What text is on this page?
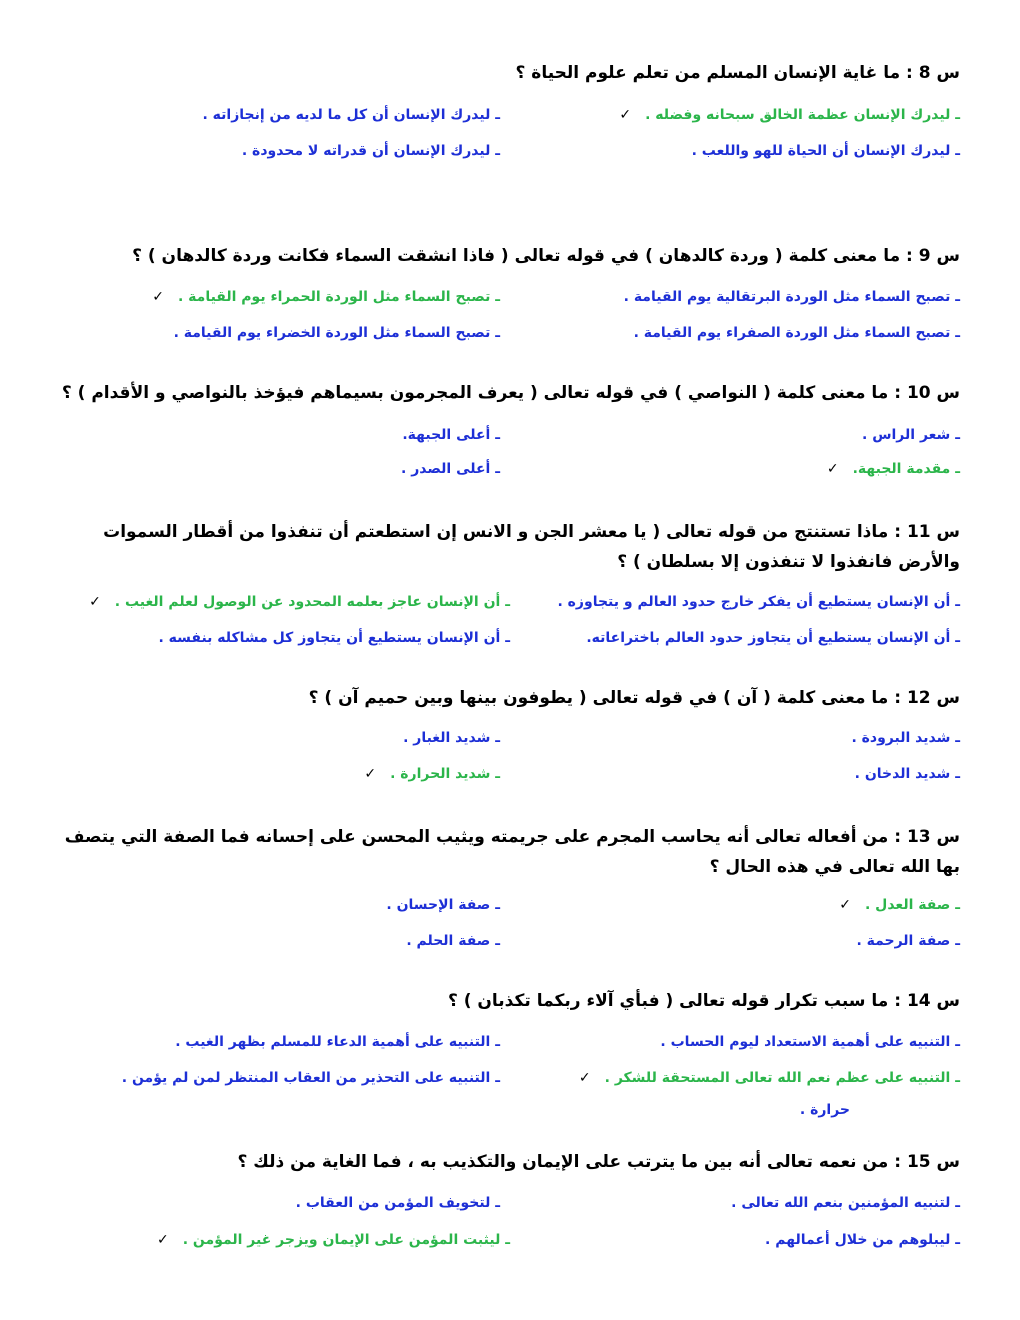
س 8 : ما غاية الإنسان المسلم من تعلم علوم الحياة ؟
ـ ليدرك الإنسان عظمة الخالق سبحانه وفضله .✓
ـ ليدرك الإنسان أن كل ما لديه من إنجازاته .
ـ ليدرك الإنسان أن الحياة للهو واللعب .
ـ ليدرك الإنسان أن قدراته لا محدودة .
س 9 : ما معنى كلمة ( وردة كالدهان ) في قوله تعالى ( فاذا انشقت السماء فكانت وردة كالدهان ) ؟
ـ تصبح السماء مثل الوردة البرتقالية يوم القيامة .
ـ تصبح السماء مثل الوردة الحمراء يوم القيامة .✓
ـ تصبح السماء مثل الوردة الصفراء يوم القيامة .
ـ تصبح السماء مثل الوردة الخضراء يوم القيامة .
س 10 : ما معنى كلمة ( النواصي ) في قوله تعالى ( يعرف المجرمون بسيماهم فيؤخذ بالنواصي و الأقدام ) ؟
ـ شعر الراس .
ـ أعلى الجبهة.
ـ مقدمة الجبهة.✓
ـ أعلى الصدر .
س 11 : ماذا تستنتج من قوله تعالى ( يا معشر الجن و الانس إن استطعتم أن تنفذوا من أقطار السموات والأرض فانفذوا لا تنفذون إلا بسلطان ) ؟
ـ أن الإنسان يستطيع أن يفكر خارج حدود العالم و يتجاوزه .
ـ أن الإنسان عاجز بعلمه المحدود عن الوصول لعلم الغيب .✓
ـ أن الإنسان يستطيع أن يتجاوز حدود العالم باختراعاته.
ـ أن الإنسان يستطيع أن يتجاوز كل مشاكله بنفسه .
س 12 : ما معنى كلمة ( آن ) في قوله تعالى ( يطوفون بينها وبين حميم آن ) ؟
ـ شديد البرودة .
ـ شديد الغبار .
ـ شديد الدخان .
ـ شديد الحرارة .✓
س 13 : من أفعاله تعالى أنه يحاسب المجرم على جريمته ويثيب المحسن على إحسانه فما الصفة التي يتصف بها الله تعالى في هذه الحال ؟
ـ صفة العدل .✓
ـ صفة الإحسان .
ـ صفة الرحمة .
ـ صفة الحلم .
س 14 : ما سبب تكرار قوله تعالى ( فبأي آلاء ربكما تكذبان ) ؟
ـ التنبيه على أهمية الاستعداد ليوم الحساب .
ـ التنبيه على أهمية الدعاء للمسلم بظهر الغيب .
ـ التنبيه على عظم نعم الله تعالى المستحقة للشكر .✓
ـ التنبيه على التحذير من العقاب المنتظر لمن لم يؤمن .
حرارة .
س 15 : من نعمه تعالى أنه بين ما يترتب على الإيمان والتكذيب به ، فما الغاية من ذلك ؟
ـ لتنبيه المؤمنين بنعم الله تعالى .
ـ لتخويف المؤمن من العقاب .
ـ ليبلوهم من خلال أعمالهم .
ـ ليثبت المؤمن على الإيمان ويزجر غير المؤمن .✓
